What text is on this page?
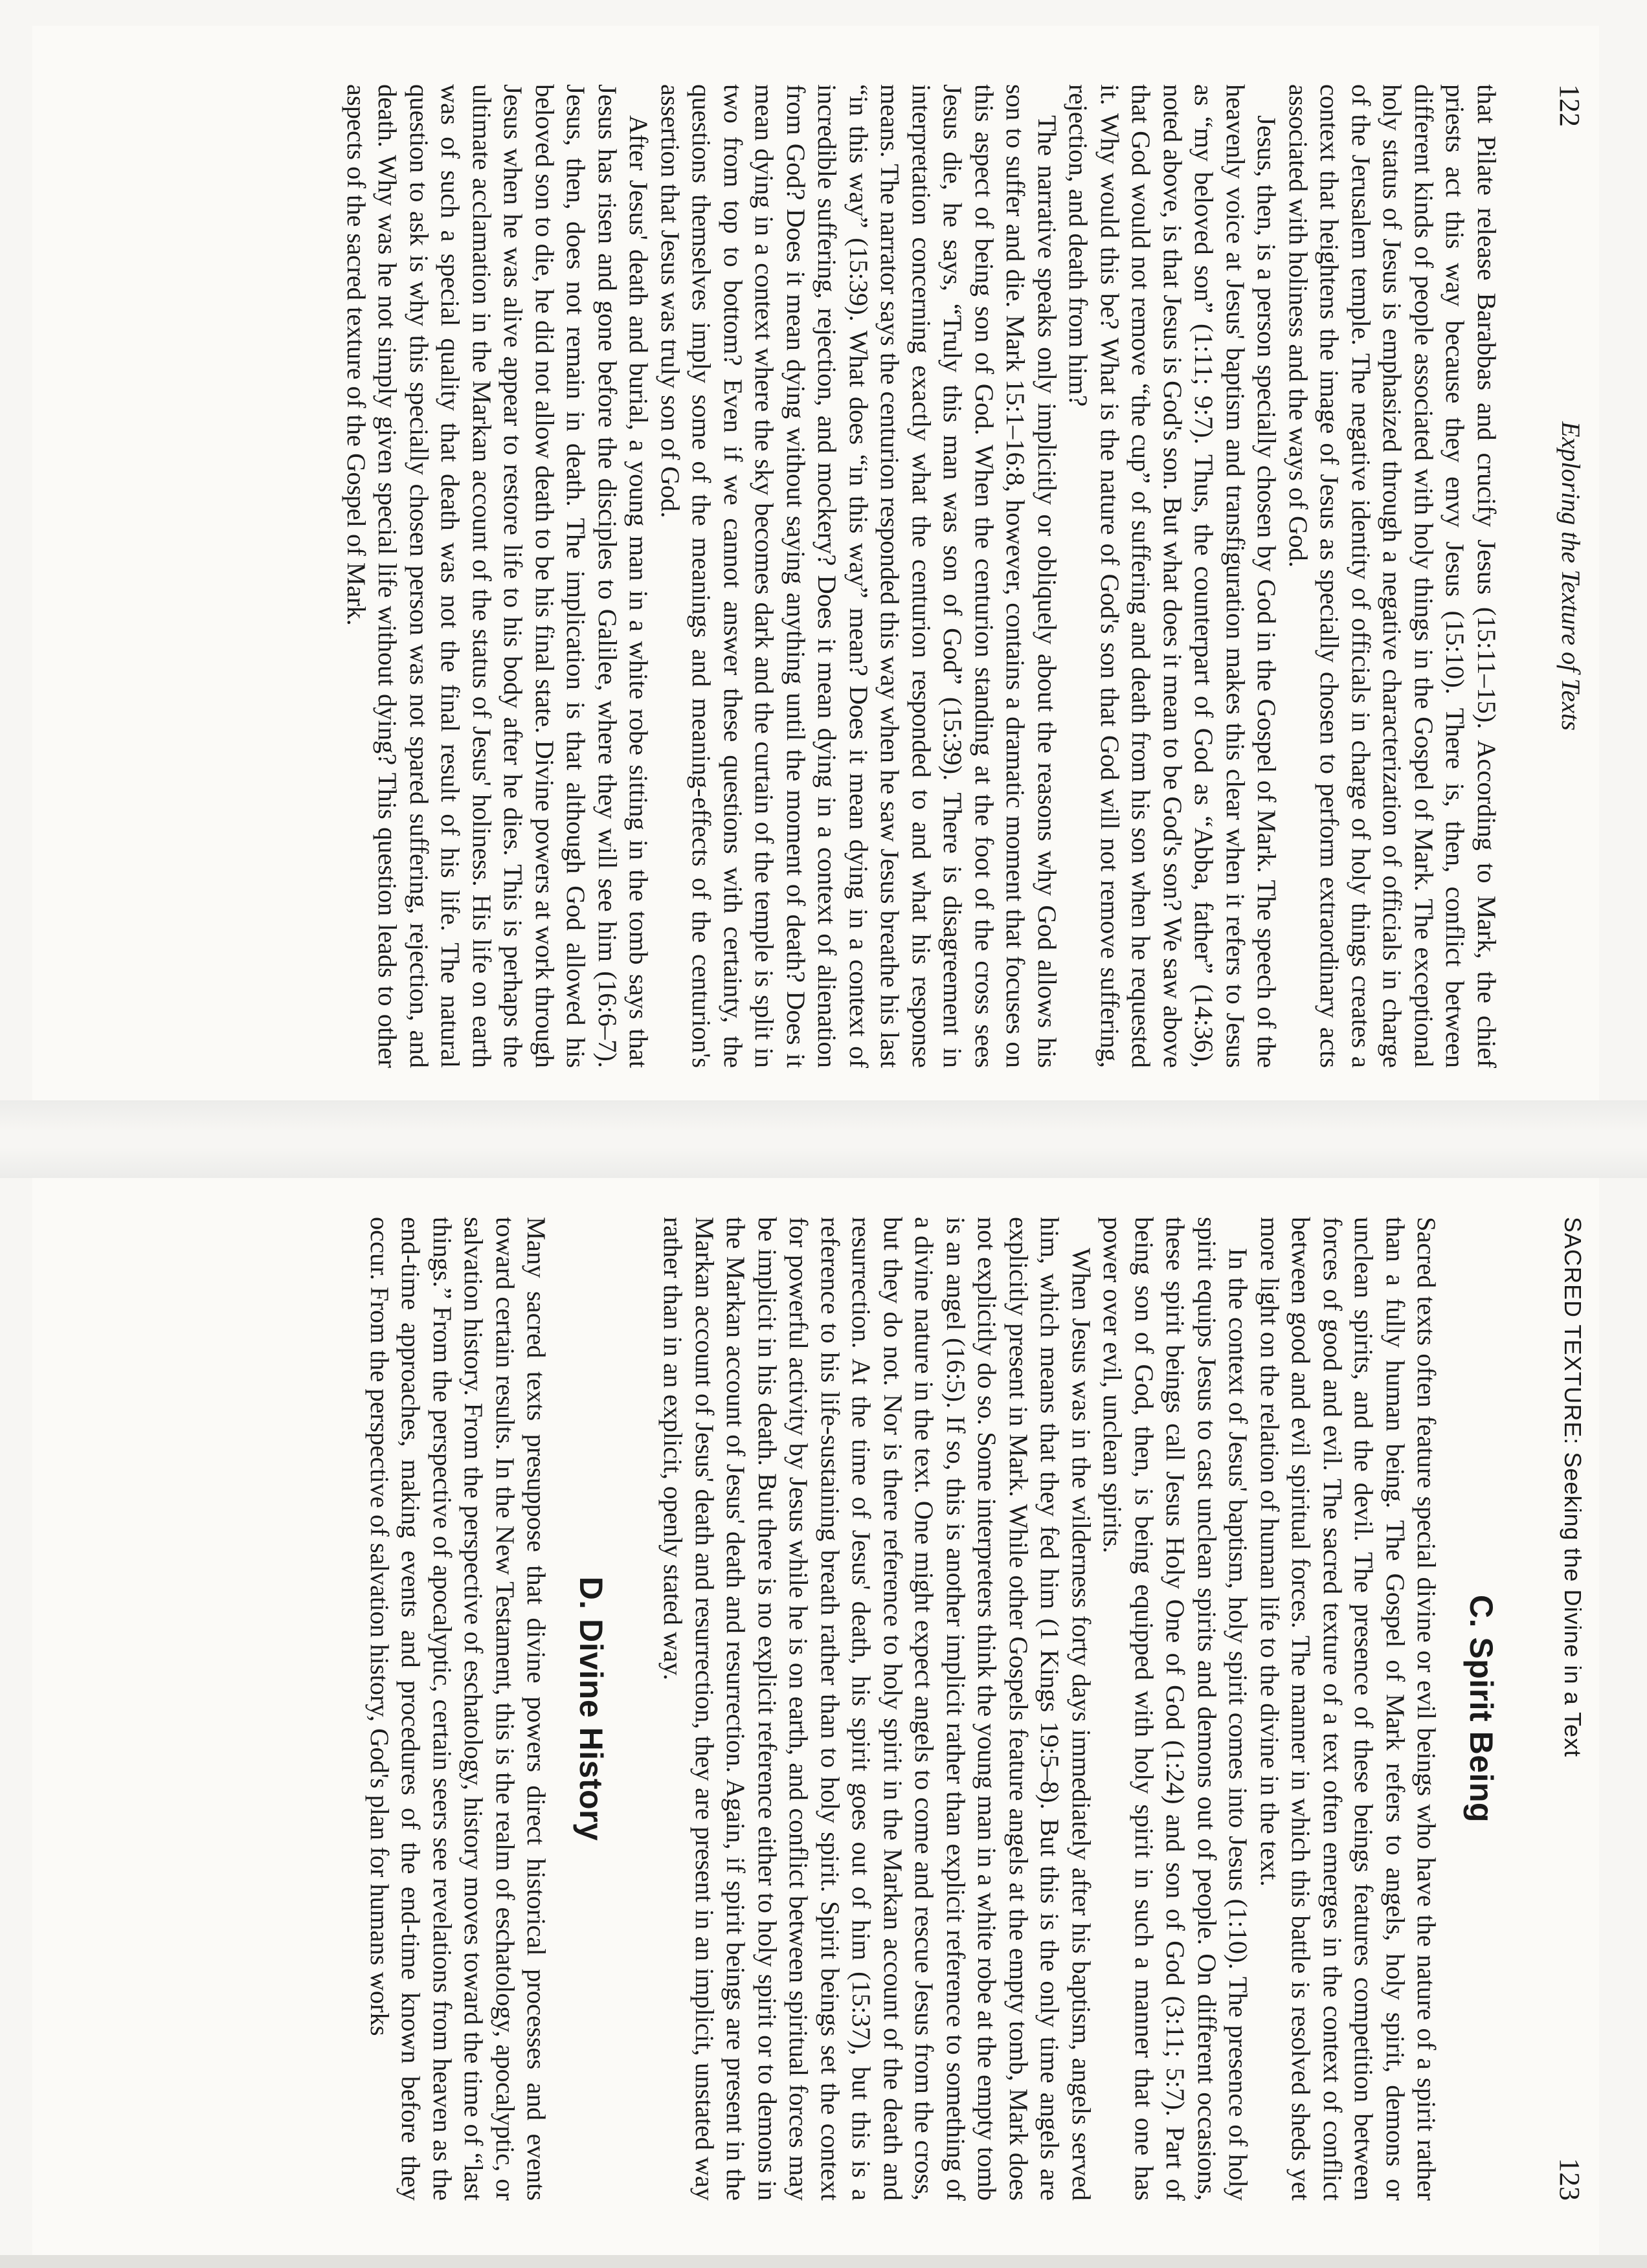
122
Exploring the Texture of Texts

that Pilate release Barabbas and crucify Jesus (15:11–15). According to Mark, the chief priests act this way because they envy Jesus (15:10). There is, then, conflict between different kinds of people associated with holy things in the Gospel of Mark. The exceptional holy status of Jesus is emphasized through a negative characterization of officials in charge of the Jerusalem temple. The negative identity of officials in charge of holy things creates a context that heightens the image of Jesus as specially chosen to perform extraordinary acts associated with holiness and the ways of God.

Jesus, then, is a person specially chosen by God in the Gospel of Mark. The speech of the heavenly voice at Jesus' baptism and transfiguration makes this clear when it refers to Jesus as “my beloved son” (1:11; 9:7). Thus, the counterpart of God as “Abba, father” (14:36), noted above, is that Jesus is God's son. But what does it mean to be God's son? We saw above that God would not remove “the cup” of suffering and death from his son when he requested it. Why would this be? What is the nature of God's son that God will not remove suffering, rejection, and death from him?

The narrative speaks only implicitly or obliquely about the reasons why God allows his son to suffer and die. Mark 15:1–16:8, however, contains a dramatic moment that focuses on this aspect of being son of God. When the centurion standing at the foot of the cross sees Jesus die, he says, “Truly this man was son of God” (15:39). There is disagreement in interpretation concerning exactly what the centurion responded to and what his response means. The narrator says the centurion responded this way when he saw Jesus breathe his last “in this way” (15:39). What does “in this way” mean? Does it mean dying in a context of incredible suffering, rejection, and mockery? Does it mean dying in a context of alienation from God? Does it mean dying without saying anything until the moment of death? Does it mean dying in a context where the sky becomes dark and the curtain of the temple is split in two from top to bottom? Even if we cannot answer these questions with certainty, the questions themselves imply some of the meanings and meaning-effects of the centurion's assertion that Jesus was truly son of God.

After Jesus' death and burial, a young man in a white robe sitting in the tomb says that Jesus has risen and gone before the disciples to Galilee, where they will see him (16:6–7). Jesus, then, does not remain in death. The implication is that although God allowed his beloved son to die, he did not allow death to be his final state. Divine powers at work through Jesus when he was alive appear to restore life to his body after he dies. This is perhaps the ultimate acclamation in the Markan account of the status of Jesus' holiness. His life on earth was of such a special quality that death was not the final result of his life. The natural question to ask is why this specially chosen person was not spared suffering, rejection, and death. Why was he not simply given special life without dying? This question leads to other aspects of the sacred texture of the Gospel of Mark.

SACRED TEXTURE: Seeking the Divine in a Text
123
C. Spirit Being

Sacred texts often feature special divine or evil beings who have the nature of a spirit rather than a fully human being. The Gospel of Mark refers to angels, holy spirit, demons or unclean spirits, and the devil. The presence of these beings features competition between forces of good and evil. The sacred texture of a text often emerges in the context of conflict between good and evil spiritual forces. The manner in which this battle is resolved sheds yet more light on the relation of human life to the divine in the text.

In the context of Jesus' baptism, holy spirit comes into Jesus (1:10). The presence of holy spirit equips Jesus to cast unclean spirits and demons out of people. On different occasions, these spirit beings call Jesus Holy One of God (1:24) and son of God (3:11; 5:7). Part of being son of God, then, is being equipped with holy spirit in such a manner that one has power over evil, unclean spirits.

When Jesus was in the wilderness forty days immediately after his baptism, angels served him, which means that they fed him (1 Kings 19:5–8). But this is the only time angels are explicitly present in Mark. While other Gospels feature angels at the empty tomb, Mark does not explicitly do so. Some interpreters think the young man in a white robe at the empty tomb is an angel (16:5). If so, this is another implicit rather than explicit reference to something of a divine nature in the text. One might expect angels to come and rescue Jesus from the cross, but they do not. Nor is there reference to holy spirit in the Markan account of the death and resurrection. At the time of Jesus' death, his spirit goes out of him (15:37), but this is a reference to his life-sustaining breath rather than to holy spirit. Spirit beings set the context for powerful activity by Jesus while he is on earth, and conflict between spiritual forces may be implicit in his death. But there is no explicit reference either to holy spirit or to demons in the Markan account of Jesus' death and resurrection. Again, if spirit beings are present in the Markan account of Jesus' death and resurrection, they are present in an implicit, unstated way rather than in an explicit, openly stated way.

D. Divine History

Many sacred texts presuppose that divine powers direct historical processes and events toward certain results. In the New Testament, this is the realm of eschatology, apocalyptic, or salvation history. From the perspective of eschatology, history moves toward the time of “last things.” From the perspective of apocalyptic, certain seers see revelations from heaven as the end-time approaches, making events and procedures of the end-time known before they occur. From the perspective of salvation history, God's plan for humans works
